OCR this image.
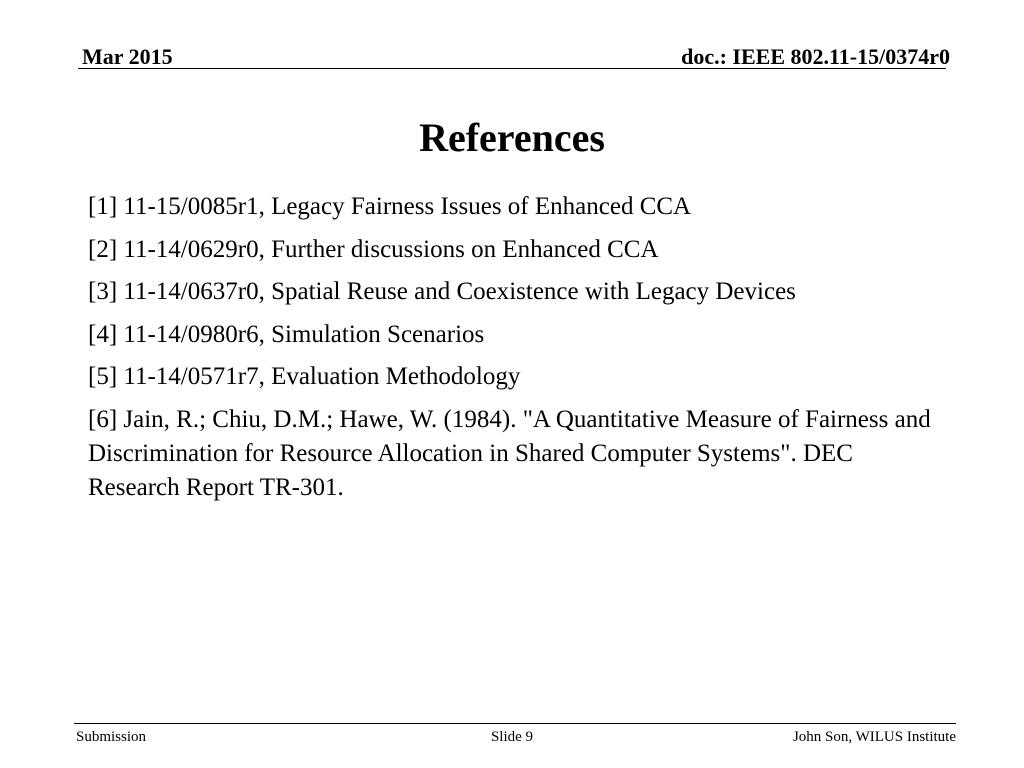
Mar 2015	doc.: IEEE 802.11-15/0374r0
References
[1] 11-15/0085r1, Legacy Fairness Issues of Enhanced CCA
[2] 11-14/0629r0, Further discussions on Enhanced CCA
[3] 11-14/0637r0, Spatial Reuse and Coexistence with Legacy Devices
[4] 11-14/0980r6, Simulation Scenarios
[5] 11-14/0571r7, Evaluation Methodology
[6] Jain, R.; Chiu, D.M.; Hawe, W. (1984). "A Quantitative Measure of Fairness and Discrimination for Resource Allocation in Shared Computer Systems". DEC Research Report TR-301.
Submission	Slide 9	John Son, WILUS Institute
